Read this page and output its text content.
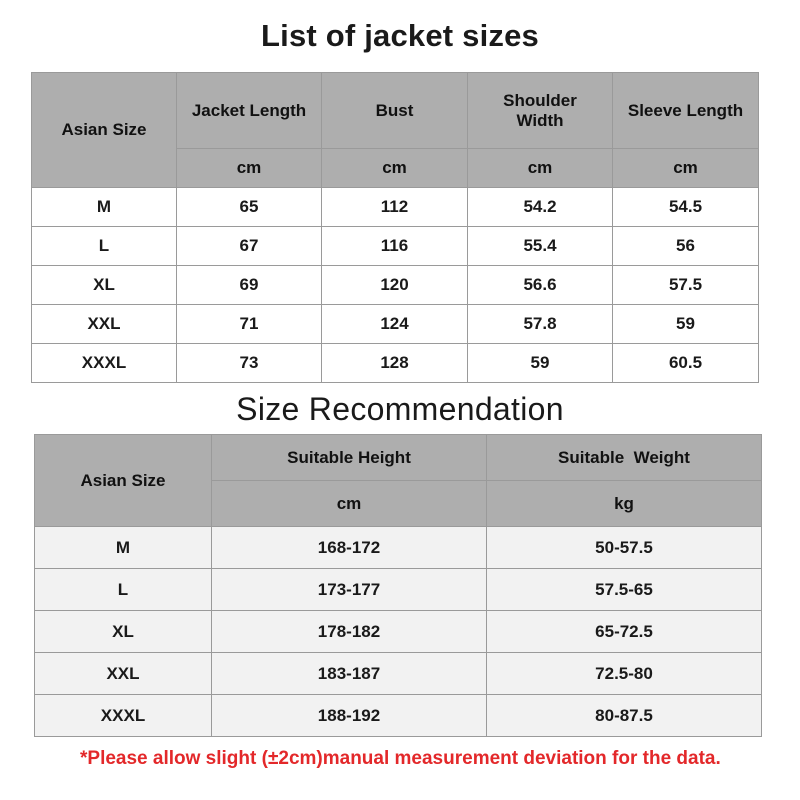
List of jacket sizes
Asian Size	Jacket Length	Bust	Shoulder Width	Sleeve Length
	cm	cm	cm	cm
M	65	112	54.2	54.5
L	67	116	55.4	56
XL	69	120	56.6	57.5
XXL	71	124	57.8	59
XXXL	73	128	59	60.5
Size Recommendation
Asian Size	Suitable Height	Suitable  Weight
	cm	kg
M	168-172	50-57.5
L	173-177	57.5-65
XL	178-182	65-72.5
XXL	183-187	72.5-80
XXXL	188-192	80-87.5
*Please allow slight (±2cm)manual measurement deviation for the data.
